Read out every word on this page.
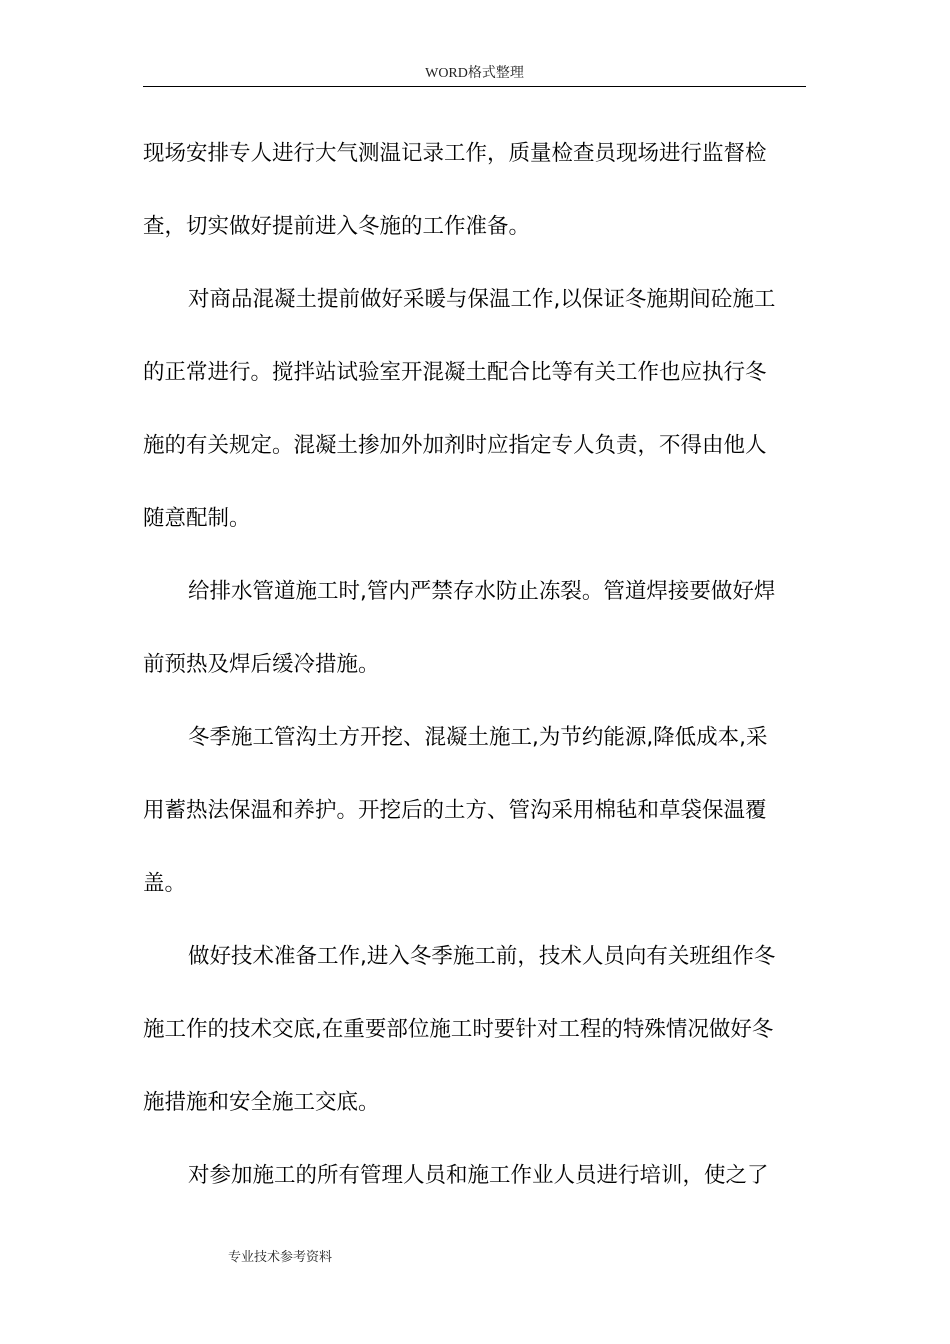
WORD格式整理

现场安排专人进行大气测温记录工作，质量检查员现场进行监督检
查，切实做好提前进入冬施的工作准备。

对商品混凝土提前做好采暖与保温工作,以保证冬施期间砼施工
的正常进行。搅拌站试验室开混凝土配合比等有关工作也应执行冬
施的有关规定。混凝土掺加外加剂时应指定专人负责，不得由他人
随意配制。

给排水管道施工时,管内严禁存水防止冻裂。管道焊接要做好焊
前预热及焊后缓冷措施。

冬季施工管沟土方开挖、混凝土施工,为节约能源,降低成本,采
用蓄热法保温和养护。开挖后的土方、管沟采用棉毡和草袋保温覆
盖。

做好技术准备工作,进入冬季施工前，技术人员向有关班组作冬
施工作的技术交底,在重要部位施工时要针对工程的特殊情况做好冬
施措施和安全施工交底。

对参加施工的所有管理人员和施工作业人员进行培训，使之了

专业技术参考资料
